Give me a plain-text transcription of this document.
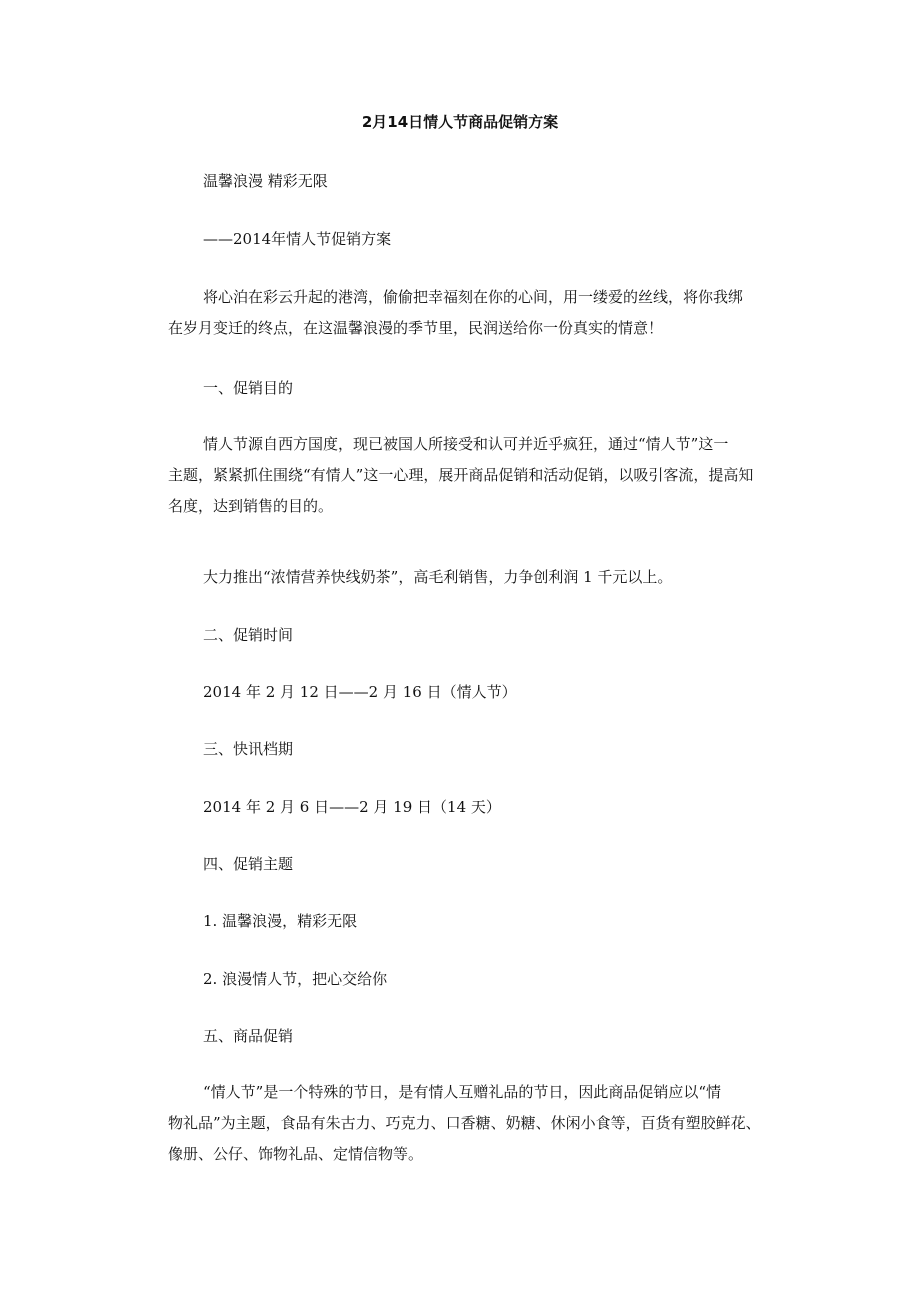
2月14日情人节商品促销方案

温馨浪漫 精彩无限

——2014年情人节促销方案

将心泊在彩云升起的港湾，偷偷把幸福刻在你的心间，用一缕爱的丝线，将你我绑
在岁月变迁的终点，在这温馨浪漫的季节里，民润送给你一份真实的情意！

一、促销目的

情人节源自西方国度，现已被国人所接受和认可并近乎疯狂，通过“情人节”这一
主题，紧紧抓住围绕“有情人”这一心理，展开商品促销和活动促销，以吸引客流，提高知
名度，达到销售的目的。

大力推出“浓情营养快线奶茶”，高毛利销售，力争创利润 1 千元以上。

二、促销时间

2014 年 2 月 12 日——2 月 16 日（情人节）

三、快讯档期

2014 年 2 月 6 日——2 月 19 日（14 天）

四、促销主题

1. 温馨浪漫，精彩无限

2. 浪漫情人节，把心交给你

五、商品促销

“情人节”是一个特殊的节日，是有情人互赠礼品的节日，因此商品促销应以“情
物礼品”为主题，食品有朱古力、巧克力、口香糖、奶糖、休闲小食等，百货有塑胶鲜花、
像册、公仔、饰物礼品、定情信物等。
